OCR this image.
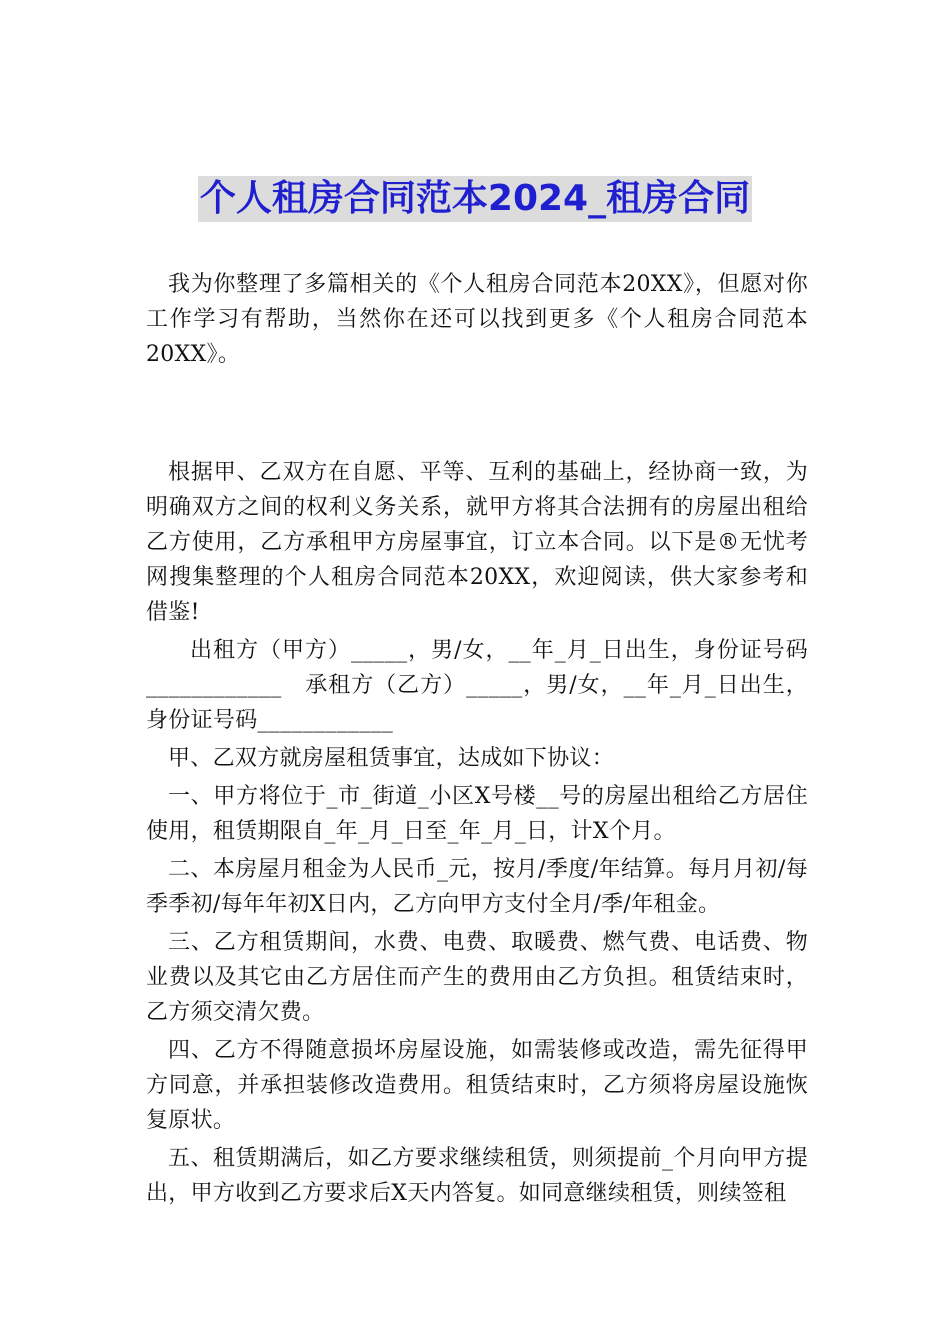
个人租房合同范本2024_租房合同

我为你整理了多篇相关的《个人租房合同范本20XX》，但愿对你工作学习有帮助，当然你在还可以找到更多《个人租房合同范本20XX》。

根据甲、乙双方在自愿、平等、互利的基础上，经协商一致，为明确双方之间的权利义务关系，就甲方将其合法拥有的房屋出租给乙方使用，乙方承租甲方房屋事宜，订立本合同。以下是®无忧考网搜集整理的个人租房合同范本20XX，欢迎阅读，供大家参考和借鉴!

出租方（甲方）_____，男/女，__年_月_日出生，身份证号码____________　承租方（乙方）_____，男/女，__年_月_日出生，身份证号码____________

甲、乙双方就房屋租赁事宜，达成如下协议：

一、甲方将位于_市_街道_小区X号楼__号的房屋出租给乙方居住使用，租赁期限自_年_月_日至_年_月_日，计X个月。

二、本房屋月租金为人民币_元，按月/季度/年结算。每月月初/每季季初/每年年初X日内，乙方向甲方支付全月/季/年租金。

三、乙方租赁期间，水费、电费、取暖费、燃气费、电话费、物业费以及其它由乙方居住而产生的费用由乙方负担。租赁结束时，乙方须交清欠费。

四、乙方不得随意损坏房屋设施，如需装修或改造，需先征得甲方同意，并承担装修改造费用。租赁结束时，乙方须将房屋设施恢复原状。

五、租赁期满后，如乙方要求继续租赁，则须提前_个月向甲方提出，甲方收到乙方要求后X天内答复。如同意继续租赁，则续签租
